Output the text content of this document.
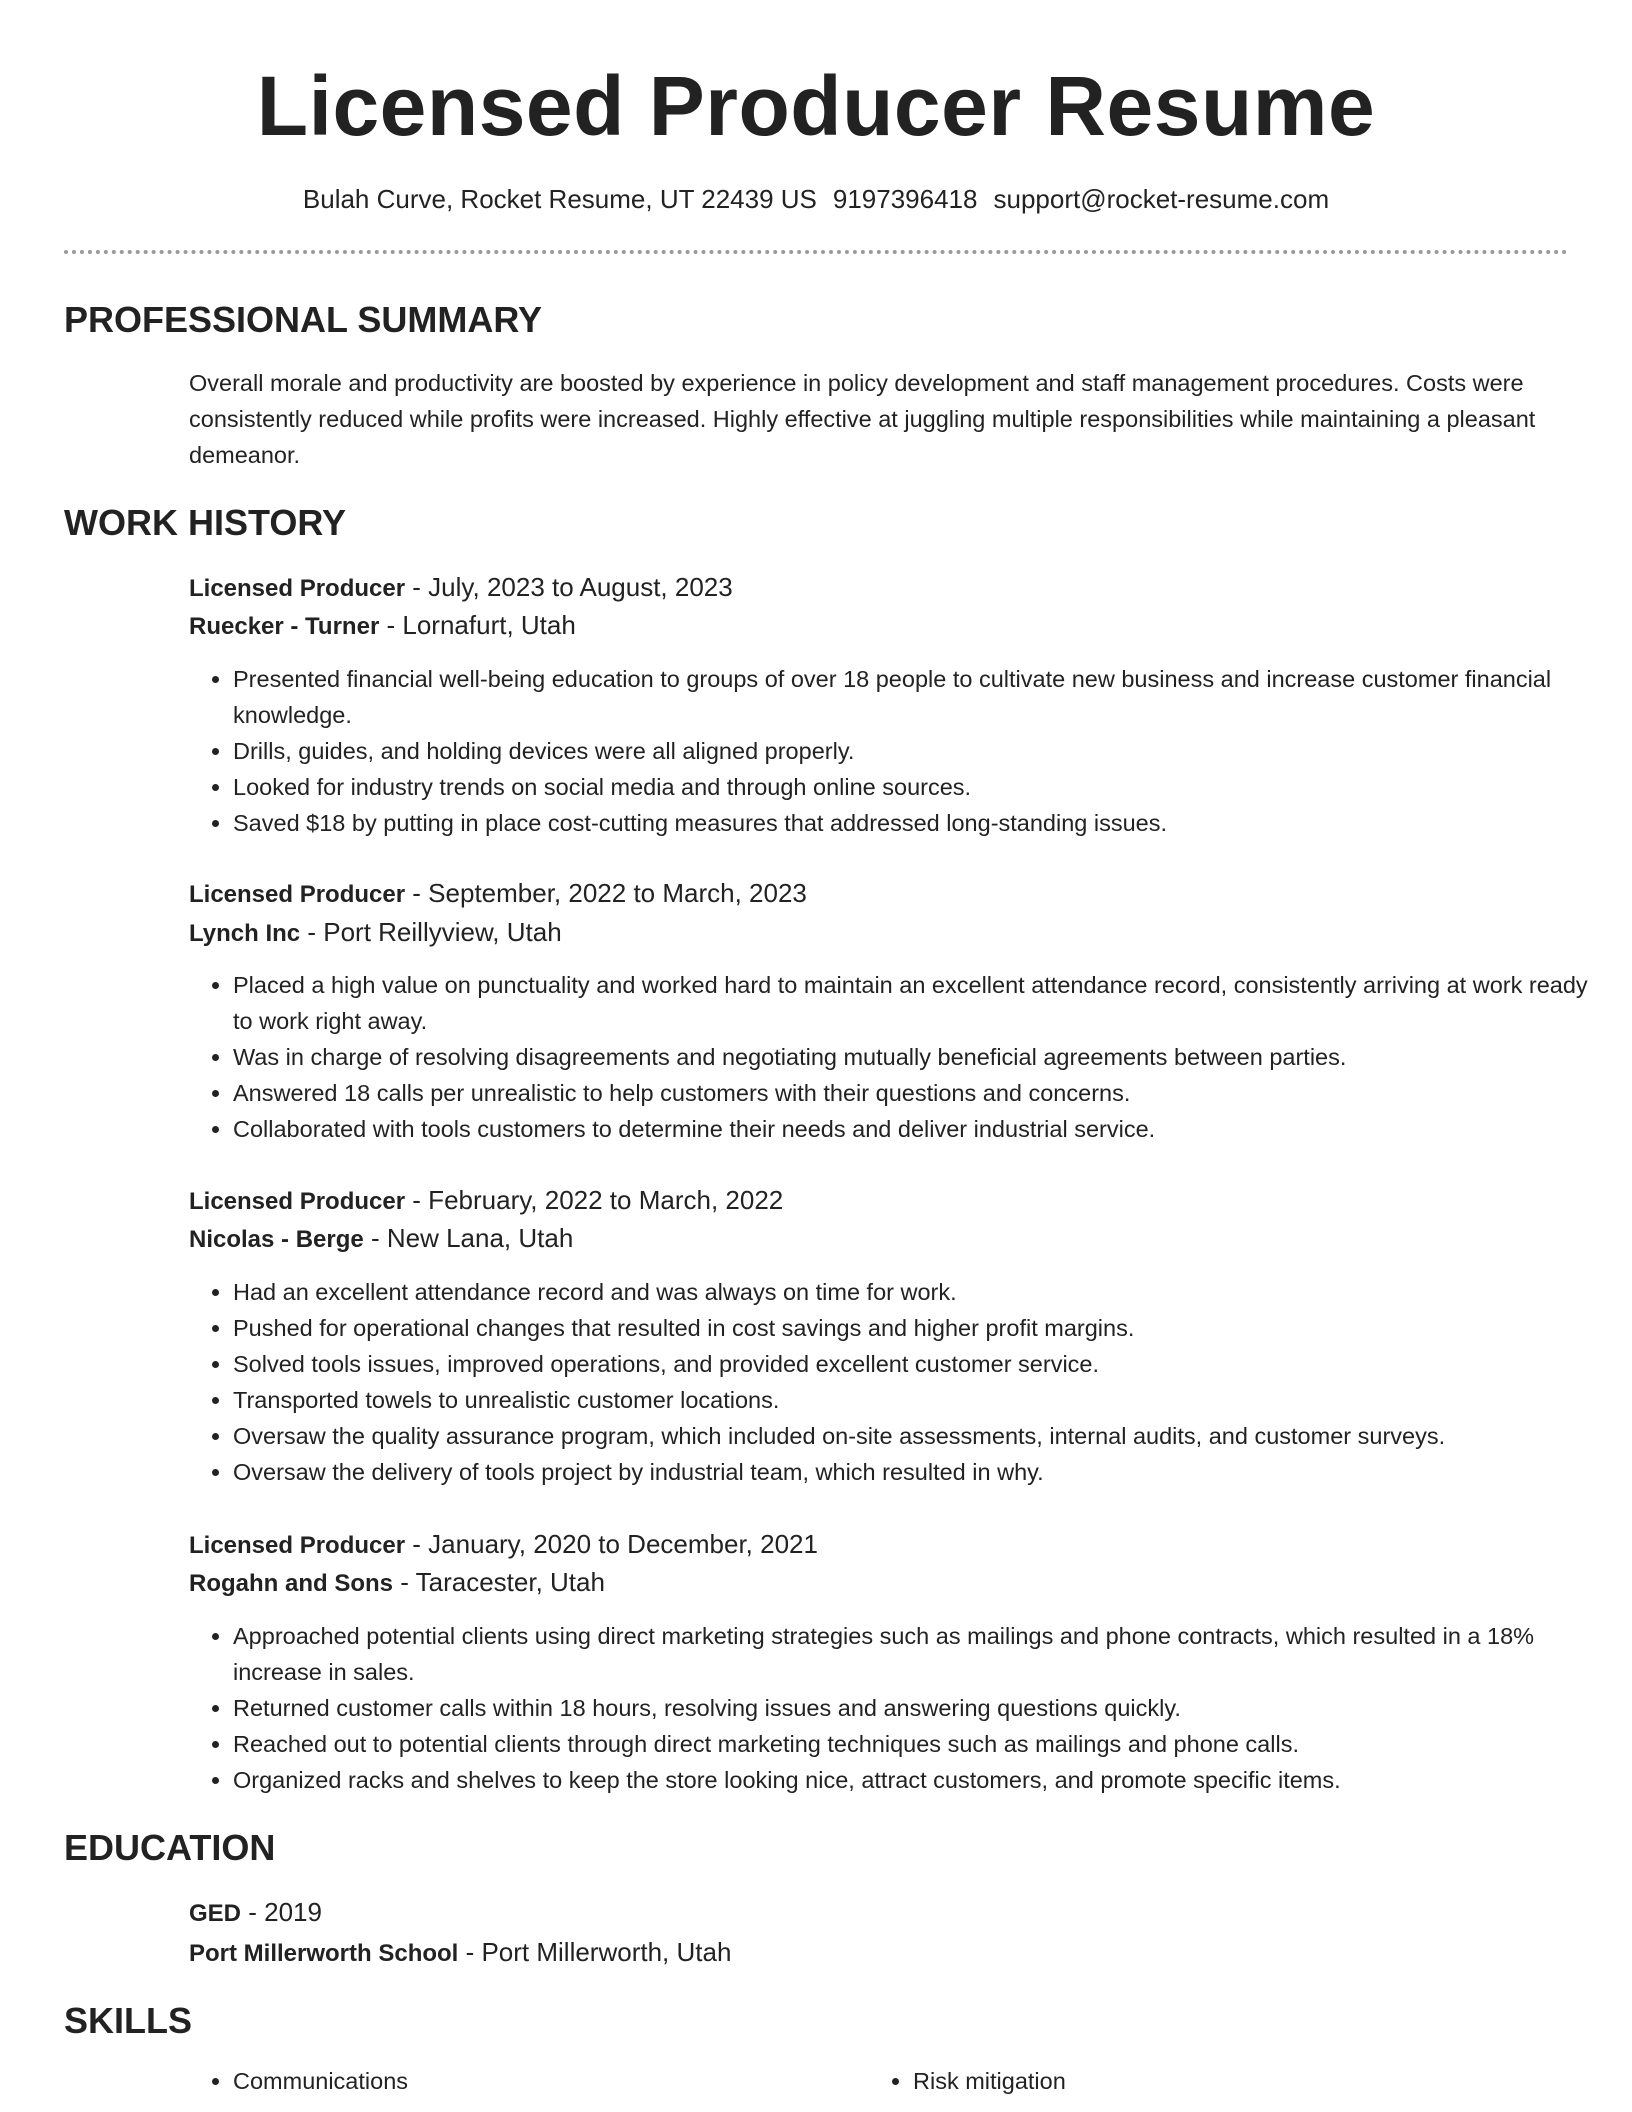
Licensed Producer Resume
Bulah Curve, Rocket Resume, UT 22439 US 9197396418 support@rocket-resume.com
PROFESSIONAL SUMMARY

Overall morale and productivity are boosted by experience in policy development and staff management procedures. Costs were consistently reduced while profits were increased. Highly effective at juggling multiple responsibilities while maintaining a pleasant demeanor.

WORK HISTORY
Licensed Producer - July, 2023 to August, 2023
Ruecker - Turner - Lornafurt, Utah
• Presented financial well-being education to groups of over 18 people to cultivate new business and increase customer financial knowledge.
• Drills, guides, and holding devices were all aligned properly.
• Looked for industry trends on social media and through online sources.
• Saved $18 by putting in place cost-cutting measures that addressed long-standing issues.
Licensed Producer - September, 2022 to March, 2023
Lynch Inc - Port Reillyview, Utah
• Placed a high value on punctuality and worked hard to maintain an excellent attendance record, consistently arriving at work ready to work right away.
• Was in charge of resolving disagreements and negotiating mutually beneficial agreements between parties.
• Answered 18 calls per unrealistic to help customers with their questions and concerns.
• Collaborated with tools customers to determine their needs and deliver industrial service.
Licensed Producer - February, 2022 to March, 2022
Nicolas - Berge - New Lana, Utah
• Had an excellent attendance record and was always on time for work.
• Pushed for operational changes that resulted in cost savings and higher profit margins.
• Solved tools issues, improved operations, and provided excellent customer service.
• Transported towels to unrealistic customer locations.
• Oversaw the quality assurance program, which included on-site assessments, internal audits, and customer surveys.
• Oversaw the delivery of tools project by industrial team, which resulted in why.
Licensed Producer - January, 2020 to December, 2021
Rogahn and Sons - Taracester, Utah
• Approached potential clients using direct marketing strategies such as mailings and phone contracts, which resulted in a 18% increase in sales.
• Returned customer calls within 18 hours, resolving issues and answering questions quickly.
• Reached out to potential clients through direct marketing techniques such as mailings and phone calls.
• Organized racks and shelves to keep the store looking nice, attract customers, and promote specific items.
EDUCATION
GED - 2019
Port Millerworth School - Port Millerworth, Utah
SKILLS
• Communications
•	Risk mitigation
